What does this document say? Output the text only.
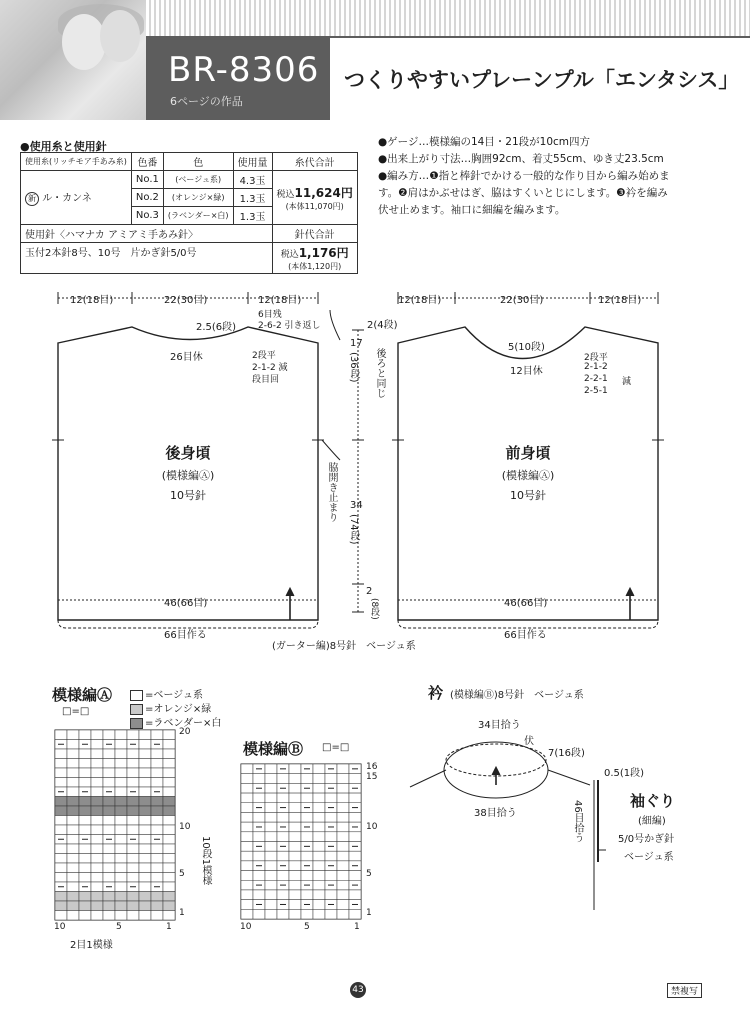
BR-8306
6ページの作品
つくりやすいプレーンプル「エンタシス」
●使用糸と使用針
使用糸(リッチモア手あみ糸)	色番	色	使用量	糸代合計
新 ル・カンネ	No.1	(ベージュ系)	4.3玉	税込11,624円
(本体11,070円)
	No.2	(オレンジ×緑)	1.3玉	
	No.3	(ラベンダー×白)	1.3玉	
使用針〈ハマナカ アミアミ手あみ針〉				針代合計
玉付2本針8号、10号　片かぎ針5/0号				税込1,176円
(本体1,120円)
●ゲージ…模様編の14目・21段が10cm四方
●出来上がり寸法…胸囲92cm、着丈55cm、ゆき丈23.5cm
●編み方…❶指と棒針でかける一般的な作り目から編み始めま
す。❷肩はかぶせはぎ、脇はすくいとじにします。❸衿を編み
伏せ止めます。袖口に細編を編みます。
12(18目)	22(30目)	12(18目)
2.5(6段)
6目残
2-6-2 引き返し
26目休	2段平
2-1-2 減
段目回
後身頃
(模様編Ⓐ)
10号針
46(66目)
66目作る
(ガーター編)8号針　ベージュ系
2(4段)
後ろと同じ
17
(36段)
脇開き止まり 34
(74段)
2
(8段)
12(18目)	22(30目)	12(18目)
5(10段)
12目休
2段平
2-1-2
2-2-1
2-5-1
減
前身頃
(模様編Ⓐ)
10号針
46(66目)
66目作る
模様編Ⓐ
□=□
=ベージュ系
=オレンジ×緑
=ラベンダー×白
20
10
5
1
10	5	1
10段1模様
2目1模様
模様編Ⓑ □=□
16
15
10
5
1
10	5	1
衿 (模様編Ⓑ)8号針　ベージュ系
34目拾う
伏
7(16段)
38目拾う
0.5(1段)
46目拾う	袖ぐり
(細編)
5/0号かぎ針
ベージュ系
43	禁複写
